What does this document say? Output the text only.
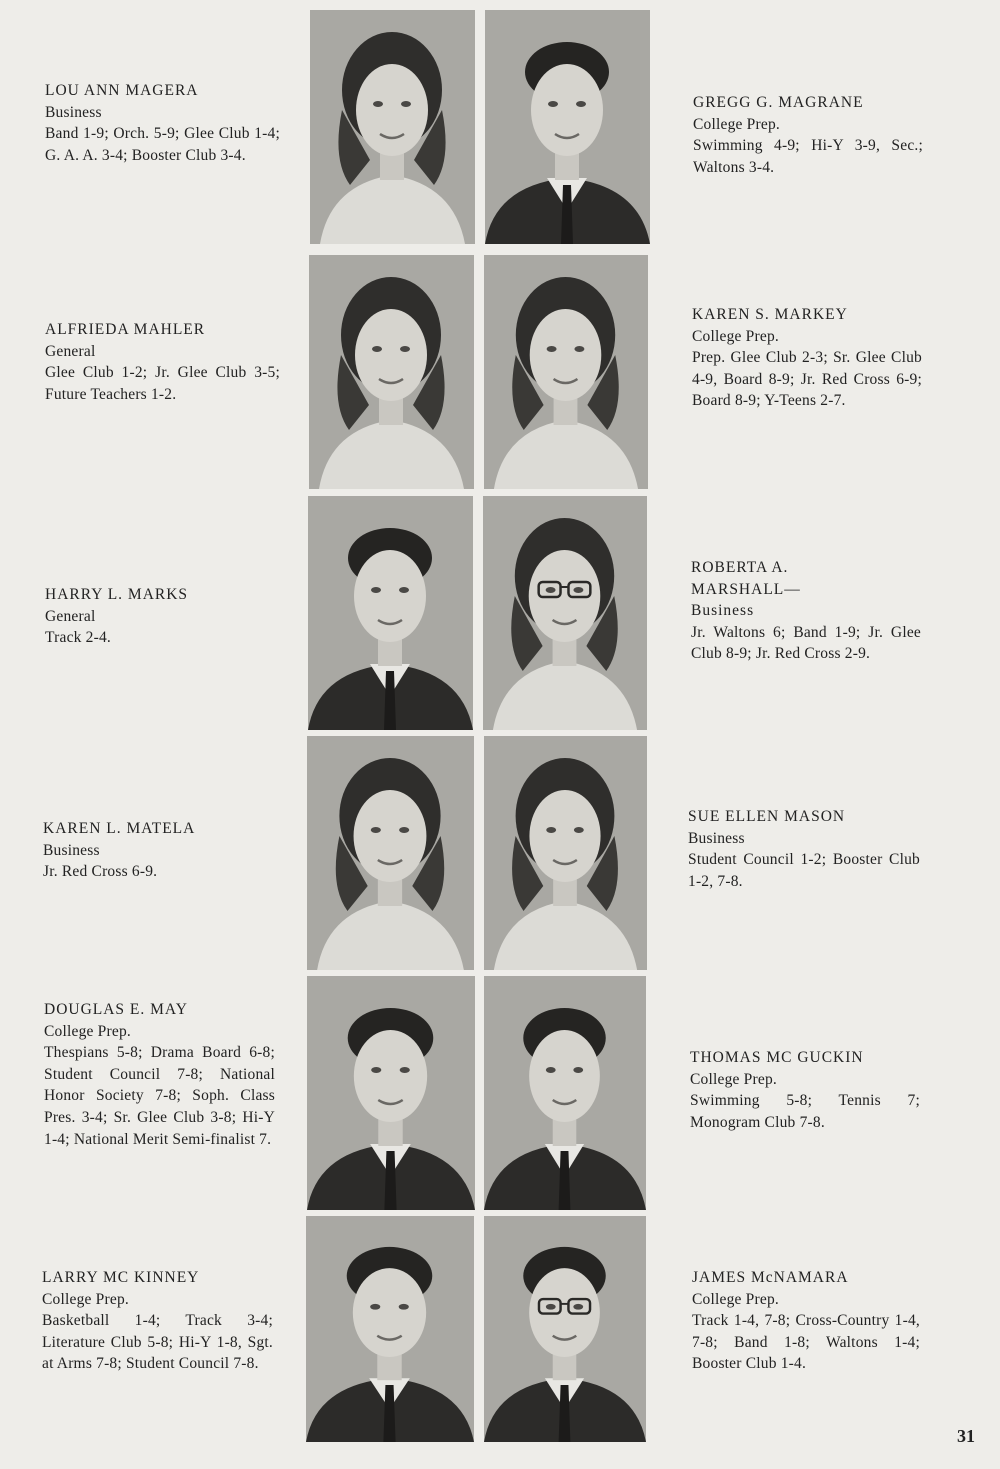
LOU ANN MAGERA
Business
Band 1-9; Orch. 5-9; Glee Club 1-4; G. A. A. 3-4; Booster Club 3-4.
GREGG G. MAGRANE
College Prep.
Swimming 4-9; Hi-Y 3-9, Sec.; Waltons 3-4.
ALFRIEDA MAHLER
General
Glee Club 1-2; Jr. Glee Club 3-5; Future Teachers 1-2.
KAREN S. MARKEY
College Prep.
Prep. Glee Club 2-3; Sr. Glee Club 4-9, Board 8-9; Jr. Red Cross 6-9; Board 8-9; Y-Teens 2-7.
HARRY L. MARKS
General
Track 2-4.
ROBERTA A. MARSHALL—Business
Jr. Waltons 6; Band 1-9; Jr. Glee Club 8-9; Jr. Red Cross 2-9.
KAREN L. MATELA
Business
Jr. Red Cross 6-9.
SUE ELLEN MASON
Business
Student Council 1-2; Booster Club 1-2, 7-8.
DOUGLAS E. MAY
College Prep.
Thespians 5-8; Drama Board 6-8; Student Council 7-8; National Honor Society 7-8; Soph. Class Pres. 3-4; Sr. Glee Club 3-8; Hi-Y 1-4; National Merit Semi-finalist 7.
THOMAS MC GUCKIN
College Prep.
Swimming 5-8; Tennis 7; Monogram Club 7-8.
LARRY MC KINNEY
College Prep.
Basketball 1-4; Track 3-4; Literature Club 5-8; Hi-Y 1-8, Sgt. at Arms 7-8; Student Council 7-8.
JAMES McNAMARA
College Prep.
Track 1-4, 7-8; Cross-Country 1-4, 7-8; Band 1-8; Waltons 1-4; Booster Club 1-4.
31
